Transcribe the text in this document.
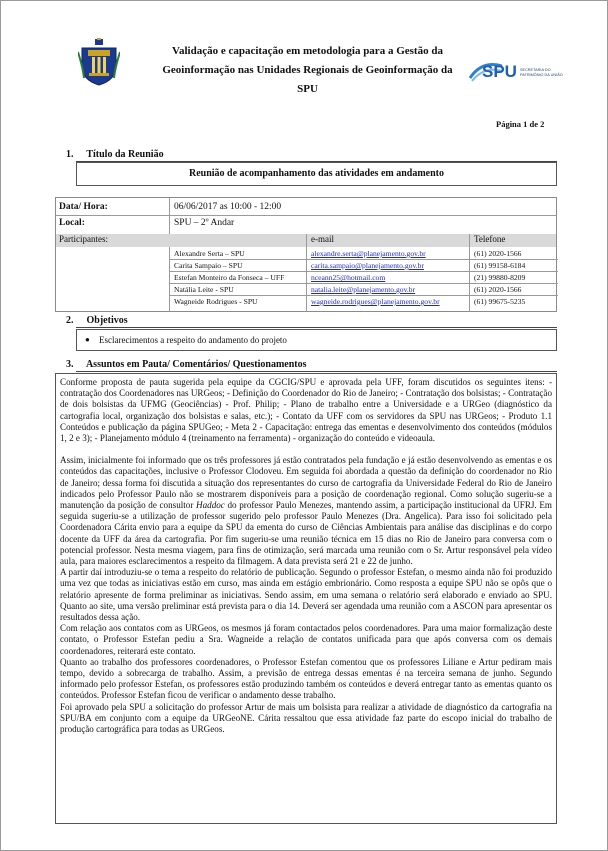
Validação e capacitação em metodologia para a Gestão da
Geoinformação nas Unidades Regionais de Geoinformação da
SPU
SPU SECRETARIA DO
PATRIMÔNIO DA UNIÃO
Página 1 de 2
1. Título da Reunião
Reunião de acompanhamento das atividades em andamento
Data/ Hora:	06/06/2017 as 10:00 - 12:00
Local:	SPU – 2º Andar
Participantes:	e-mail	Telefone
Alexandre Serta – SPU	alexandre.serta@planejamento.gov.br	(61) 2020-1566
Carita Sampaio – SPU	carita.sampaio@planejamento.gov.br	(61) 99158-6184
Estefan Monteiro da Fonseca – UFF	nceann25@hotmail.com	(21) 99880-8209
Natália Leite - SPU	natalia.leite@planejamento.gov.br	(61) 2020-1566
Wagneide Rodrigues - SPU	wagneide.rodrigues@planejamento.gov.br	(61) 99675-5235
2. Objetivos
● Esclarecimentos a respeito do andamento do projeto
3. Assuntos em Pauta/ Comentários/ Questionamentos

Conforme proposta de pauta sugerida pela equipe da CGCIG/SPU e aprovada pela UFF, foram discutidos os seguintes itens: - contratação dos Coordenadores nas URGeos; - Definição do Coordenador do Rio de Janeiro; - Contratação dos bolsistas; - Contratação de dois bolsistas da UFMG (Geociências) - Prof. Philip; - Plano de trabalho entre a Universidade e a URGeo (diagnóstico da cartografia local, organização dos bolsistas e salas, etc.); - Contato da UFF com os servidores da SPU nas URGeos; - Produto 1.1 Conteúdos e publicação da página SPUGeo; - Meta 2 - Capacitação: entrega das ementas e desenvolvimento dos conteúdos (módulos 1, 2 e 3); - Planejamento módulo 4 (treinamento na ferramenta) - organização do conteúdo e videoaula.

Assim, inicialmente foi informado que os três professores já estão contratados pela fundação e já estão desenvolvendo as ementas e os conteúdos das capacitações, inclusive o Professor Clodoveu. Em seguida foi abordada a questão da definição do coordenador no Rio de Janeiro; dessa forma foi discutida a situação dos representantes do curso de cartografia da Universidade Federal do Rio de Janeiro indicados pelo Professor Paulo não se mostrarem disponíveis para a posição de coordenação regional. Como solução sugeriu-se a manutenção da posição de consultor Haddoc do professor Paulo Menezes, mantendo assim, a participação institucional da UFRJ. Em seguida sugeriu-se a utilização de professor sugerido pelo professor Paulo Menezes (Dra. Angelica). Para isso foi solicitado pela Coordenadora Cárita envio para a equipe da SPU da ementa do curso de Ciências Ambientais para análise das disciplinas e do corpo docente da UFF da área da cartografia. Por fim sugeriu-se uma reunião técnica em 15 dias no Rio de Janeiro para conversa com o potencial professor. Nesta mesma viagem, para fins de otimização, será marcada uma reunião com o Sr. Artur responsável pela vídeo aula, para maiores esclarecimentos a respeito da filmagem. A data prevista será 21 e 22 de junho.

A partir daí introduziu-se o tema a respeito do relatório de publicação. Segundo o professor Estefan, o mesmo ainda não foi produzido uma vez que todas as iniciativas estão em curso, mas ainda em estágio embrionário. Como resposta a equipe SPU não se opôs que o relatório apresente de forma preliminar as iniciativas. Sendo assim, em uma semana o relatório será elaborado e enviado ao SPU. Quanto ao site, uma versão preliminar está prevista para o dia 14. Deverá ser agendada uma reunião com a ASCON para apresentar os resultados dessa ação.

Com relação aos contatos com as URGeos, os mesmos já foram contactados pelos coordenadores. Para uma maior formalização deste contato, o Professor Estefan pediu a Sra. Wagneide a relação de contatos unificada para que após conversa com os demais coordenadores, reiterará este contato.

Quanto ao trabalho dos professores coordenadores, o Professor Estefan comentou que os professores Liliane e Artur pediram mais tempo, devido a sobrecarga de trabalho. Assim, a previsão de entrega dessas ementas é na terceira semana de junho. Segundo informado pelo professor Estefan, os professores estão produzindo também os conteúdos e deverá entregar tanto as ementas quanto os conteúdos. Professor Estefan ficou de verificar o andamento desse trabalho.

Foi aprovado pela SPU a solicitação do professor Artur de mais um bolsista para realizar a atividade de diagnóstico da cartografia na SPU/BA em conjunto com a equipe da URGeoNE. Cárita ressaltou que essa atividade faz parte do escopo inicial do trabalho de produção cartográfica para todas as URGeos.
